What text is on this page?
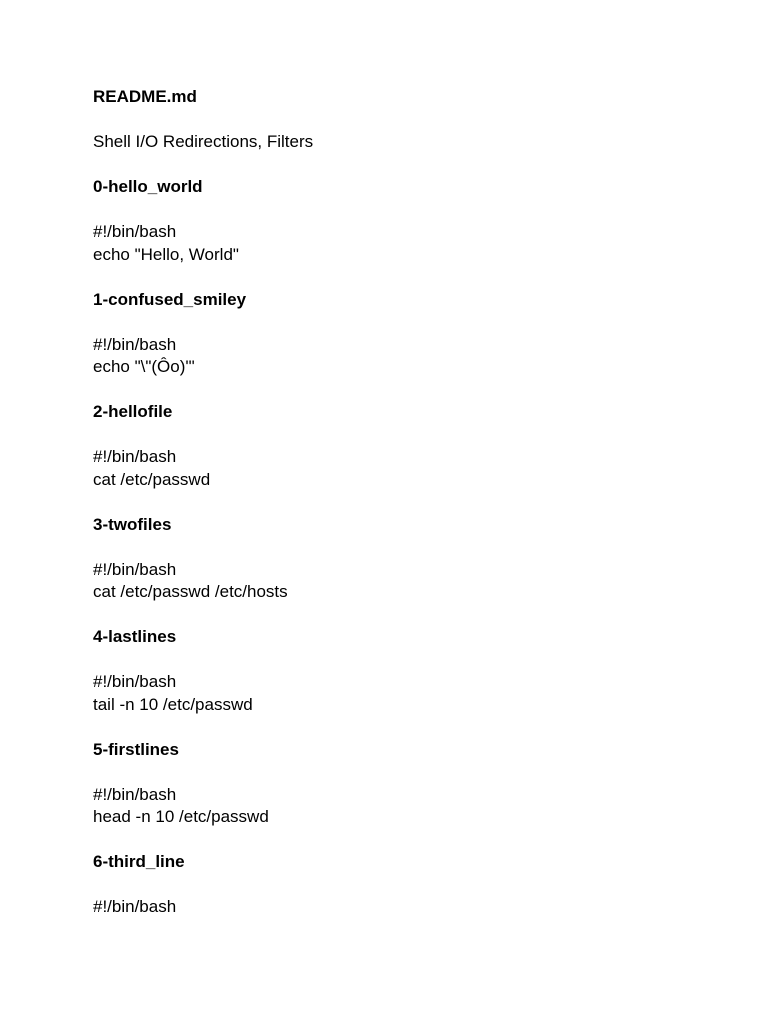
README.md
Shell I/O Redirections, Filters
0-hello_world
#!/bin/bash
echo "Hello, World"
1-confused_smiley
#!/bin/bash
echo "\"(Ôo)'"
2-hellofile
#!/bin/bash
cat /etc/passwd
3-twofiles
#!/bin/bash
cat /etc/passwd /etc/hosts
4-lastlines
#!/bin/bash
tail -n 10 /etc/passwd
5-firstlines
#!/bin/bash
head -n 10 /etc/passwd
6-third_line
#!/bin/bash
